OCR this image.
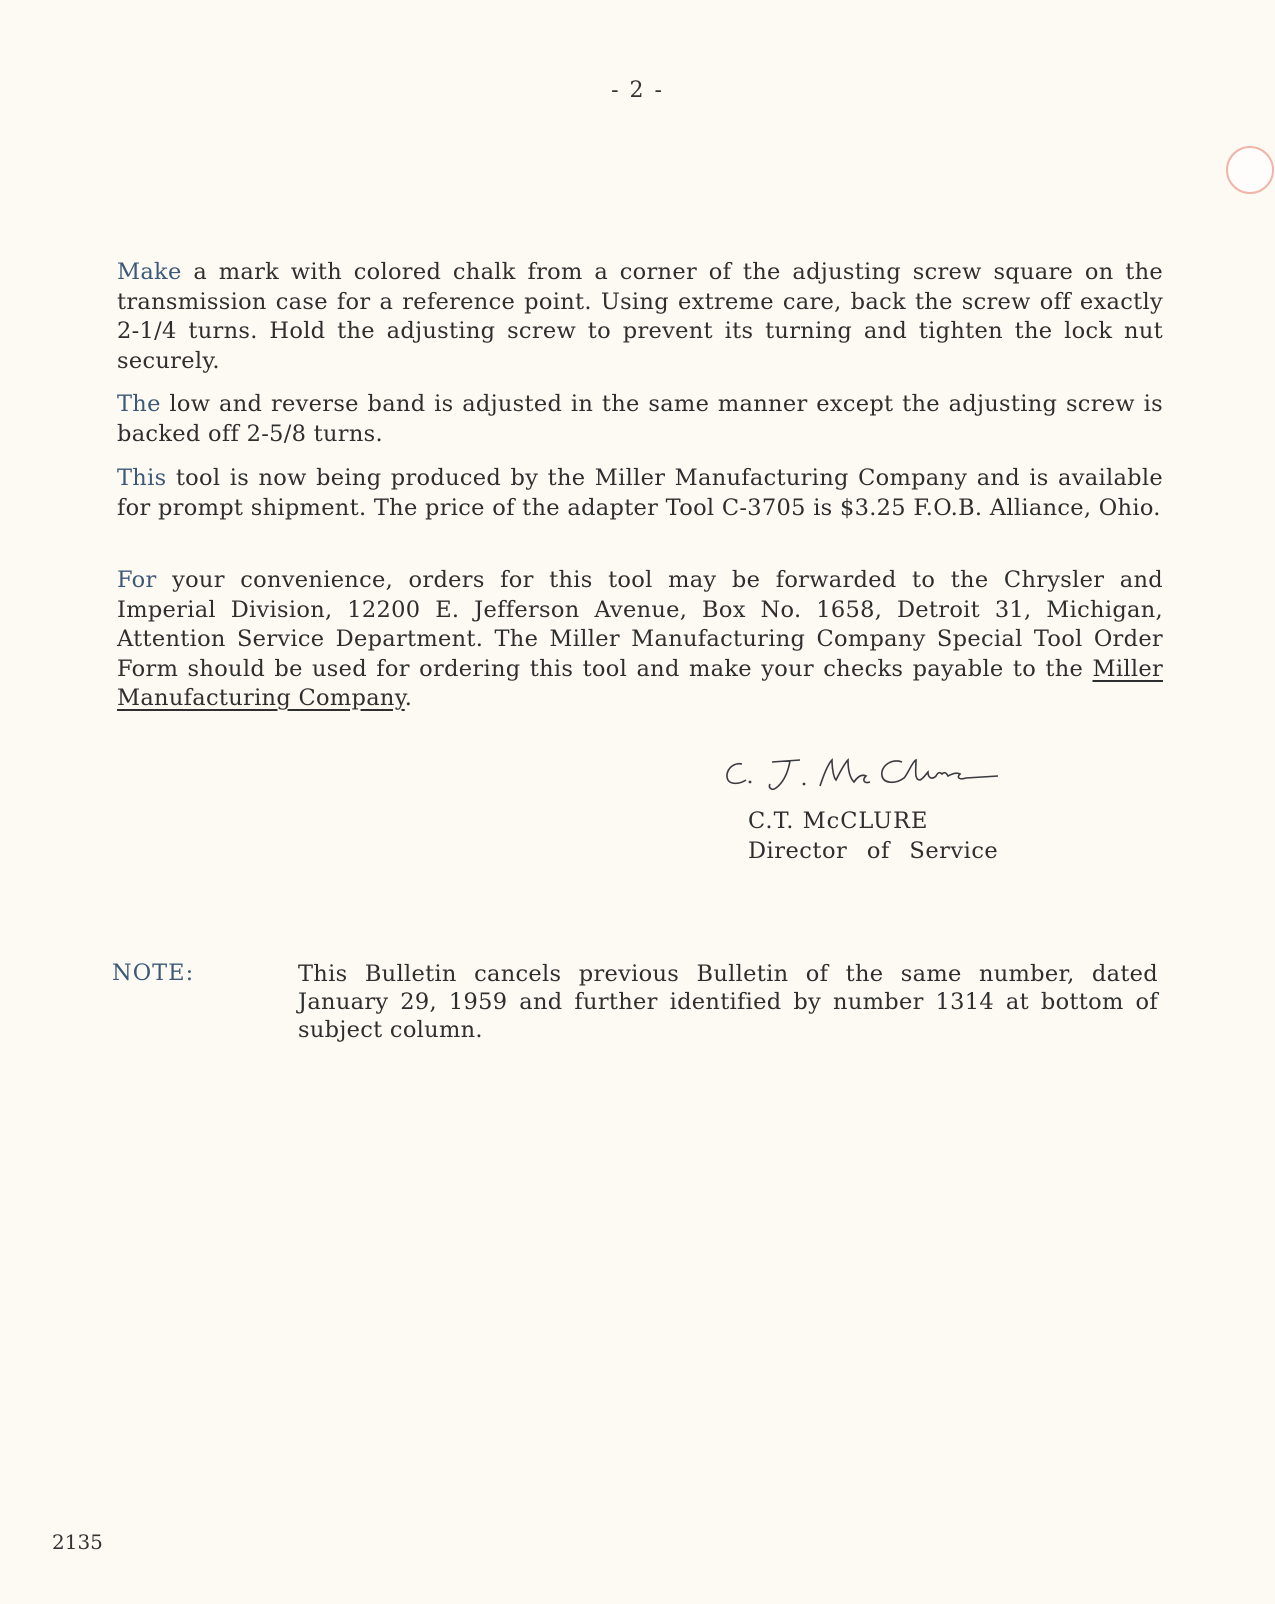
- 2 -

Make a mark with colored chalk from a corner of the adjusting screw square on the transmission case for a reference point. Using extreme care, back the screw off exactly 2-1/4 turns. Hold the adjusting screw to prevent its turning and tighten the lock nut securely.

The low and reverse band is adjusted in the same manner except the adjusting screw is backed off 2-5/8 turns.

This tool is now being produced by the Miller Manufacturing Company and is available for prompt shipment. The price of the adapter Tool C-3705 is $3.25 F.O.B. Alliance, Ohio.

For your convenience, orders for this tool may be forwarded to the Chrysler and Imperial Division, 12200 E. Jefferson Avenue, Box No. 1658, Detroit 31, Michigan, Attention Service Department. The Miller Manufacturing Company Special Tool Order Form should be used for ordering this tool and make your checks payable to the Miller Manufacturing Company.

C.T. McCLURE
Director of Service
NOTE:	This Bulletin cancels previous Bulletin of the same number, dated January 29, 1959 and further identified by number 1314 at bottom of subject column.

2135
